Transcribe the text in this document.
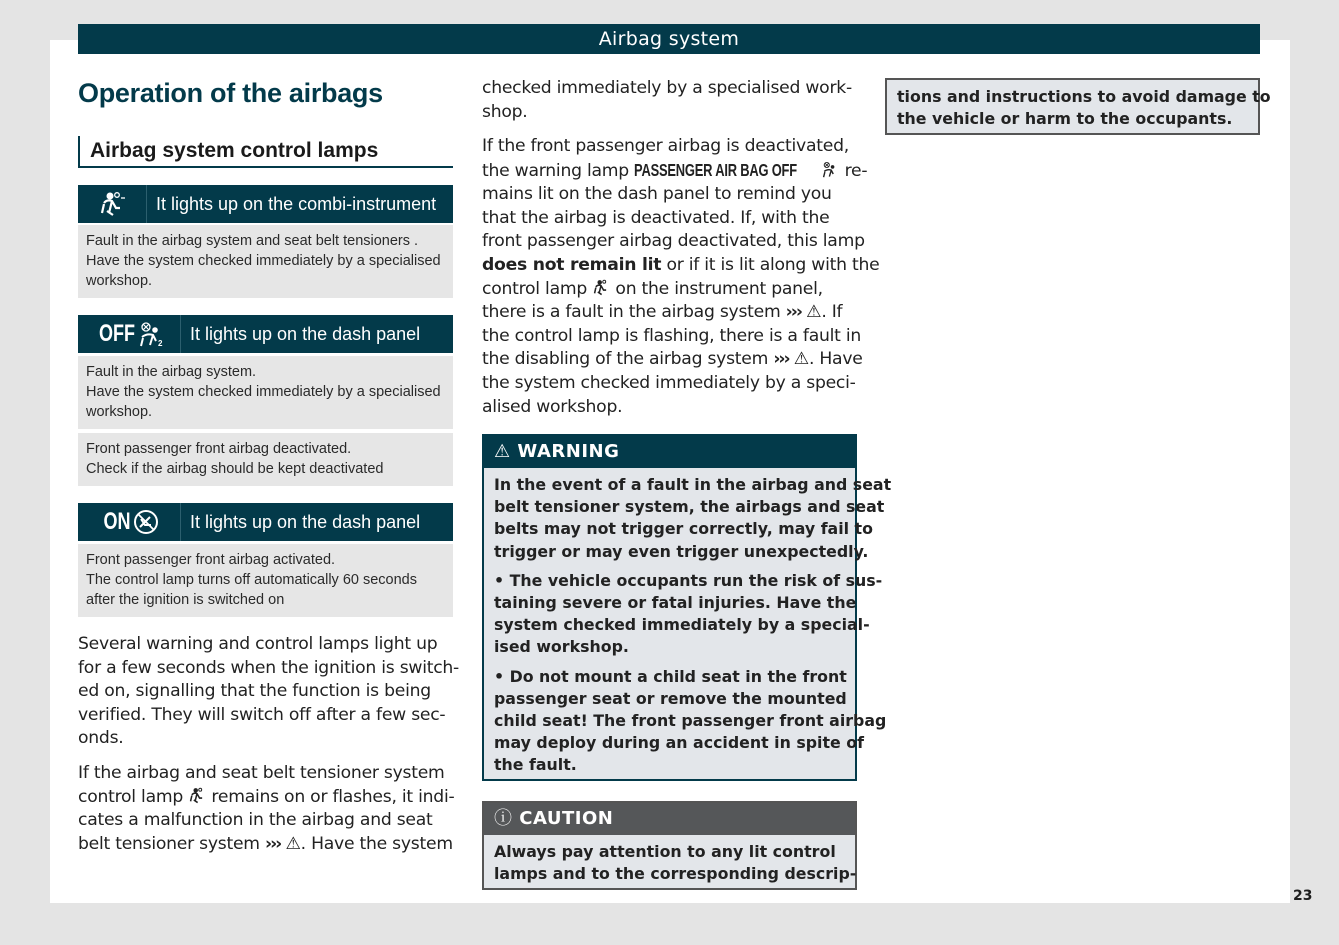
Airbag system
Operation of the airbags
Airbag system control lamps
It lights up on the combi-instrument
Fault in the airbag system and seat belt tensioners .
Have the system checked immediately by a specialised
workshop.
OFF	2	It lights up on the dash panel
Fault in the airbag system.
Have the system checked immediately by a specialised
workshop.
Front passenger front airbag deactivated.
Check if the airbag should be kept deactivated
ON	It lights up on the dash panel
Front passenger front airbag activated.
The control lamp turns off automatically 60 seconds
after the ignition is switched on
Several warning and control lamps light up
for a few seconds when the ignition is switch-
ed on, signalling that the function is being
verified. They will switch off after a few sec-
onds.
If the airbag and seat belt tensioner system
control lamp  remains on or flashes, it indi-
cates a malfunction in the airbag and seat
belt tensioner system ››› ⚠. Have the system
checked immediately by a specialised work-
shop.
If the front passenger airbag is deactivated,
the warning lamp PASSENGER AIR BAG OFF re-
mains lit on the dash panel to remind you
that the airbag is deactivated. If, with the
front passenger airbag deactivated, this lamp
does not remain lit or if it is lit along with the
control lamp  on the instrument panel,
there is a fault in the airbag system ››› ⚠. If
the control lamp is flashing, there is a fault in
the disabling of the airbag system ››› ⚠. Have
the system checked immediately by a speci-
alised workshop.
⚠ WARNING
In the event of a fault in the airbag and seat
belt tensioner system, the airbags and seat
belts may not trigger correctly, may fail to
trigger or may even trigger unexpectedly.
• The vehicle occupants run the risk of sus-
taining severe or fatal injuries. Have the
system checked immediately by a special-
ised workshop.
• Do not mount a child seat in the front
passenger seat or remove the mounted
child seat! The front passenger front airbag
may deploy during an accident in spite of
the fault.
ⓘ CAUTION
Always pay attention to any lit control
lamps and to the corresponding descrip-
tions and instructions to avoid damage to
the vehicle or harm to the occupants.
23
